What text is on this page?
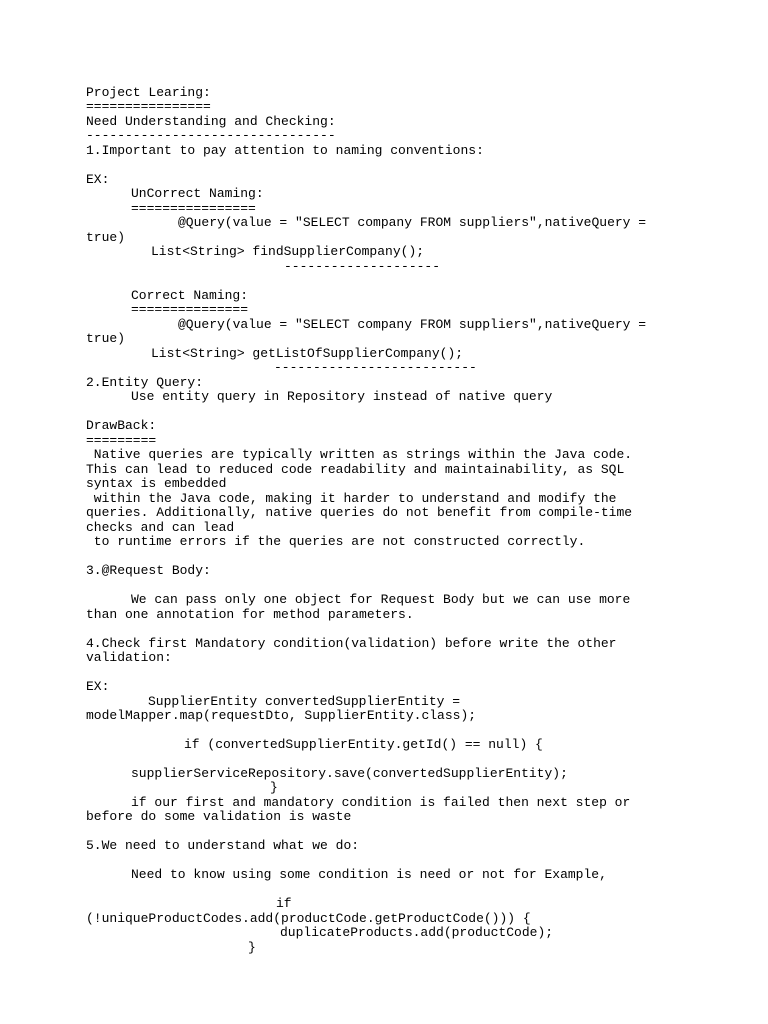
Project Learing:

================

Need Understanding and Checking:

--------------------------------

1.Important to pay attention to naming conventions:

EX:

UnCorrect Naming:

================

@Query(value = "SELECT company FROM suppliers",nativeQuery =

true)

List<String> findSupplierCompany();

--------------------

Correct Naming:

===============

@Query(value = "SELECT company FROM suppliers",nativeQuery =

true)

List<String> getListOfSupplierCompany();

--------------------------

2.Entity Query:

Use entity query in Repository instead of native query

DrawBack:

=========

Native queries are typically written as strings within the Java code.

This can lead to reduced code readability and maintainability, as SQL

syntax is embedded

within the Java code, making it harder to understand and modify the

queries. Additionally, native queries do not benefit from compile-time

checks and can lead

to runtime errors if the queries are not constructed correctly.

3.@Request Body:

We can pass only one object for Request Body but we can use more

than one annotation for method parameters.

4.Check first Mandatory condition(validation) before write the other

validation:

EX:

SupplierEntity convertedSupplierEntity =

modelMapper.map(requestDto, SupplierEntity.class);

if (convertedSupplierEntity.getId() == null) {

supplierServiceRepository.save(convertedSupplierEntity);

}

if our first and mandatory condition is failed then next step or

before do some validation is waste

5.We need to understand what we do:

Need to know using some condition is need or not for Example,

if

(!uniqueProductCodes.add(productCode.getProductCode())) {

duplicateProducts.add(productCode);

}
